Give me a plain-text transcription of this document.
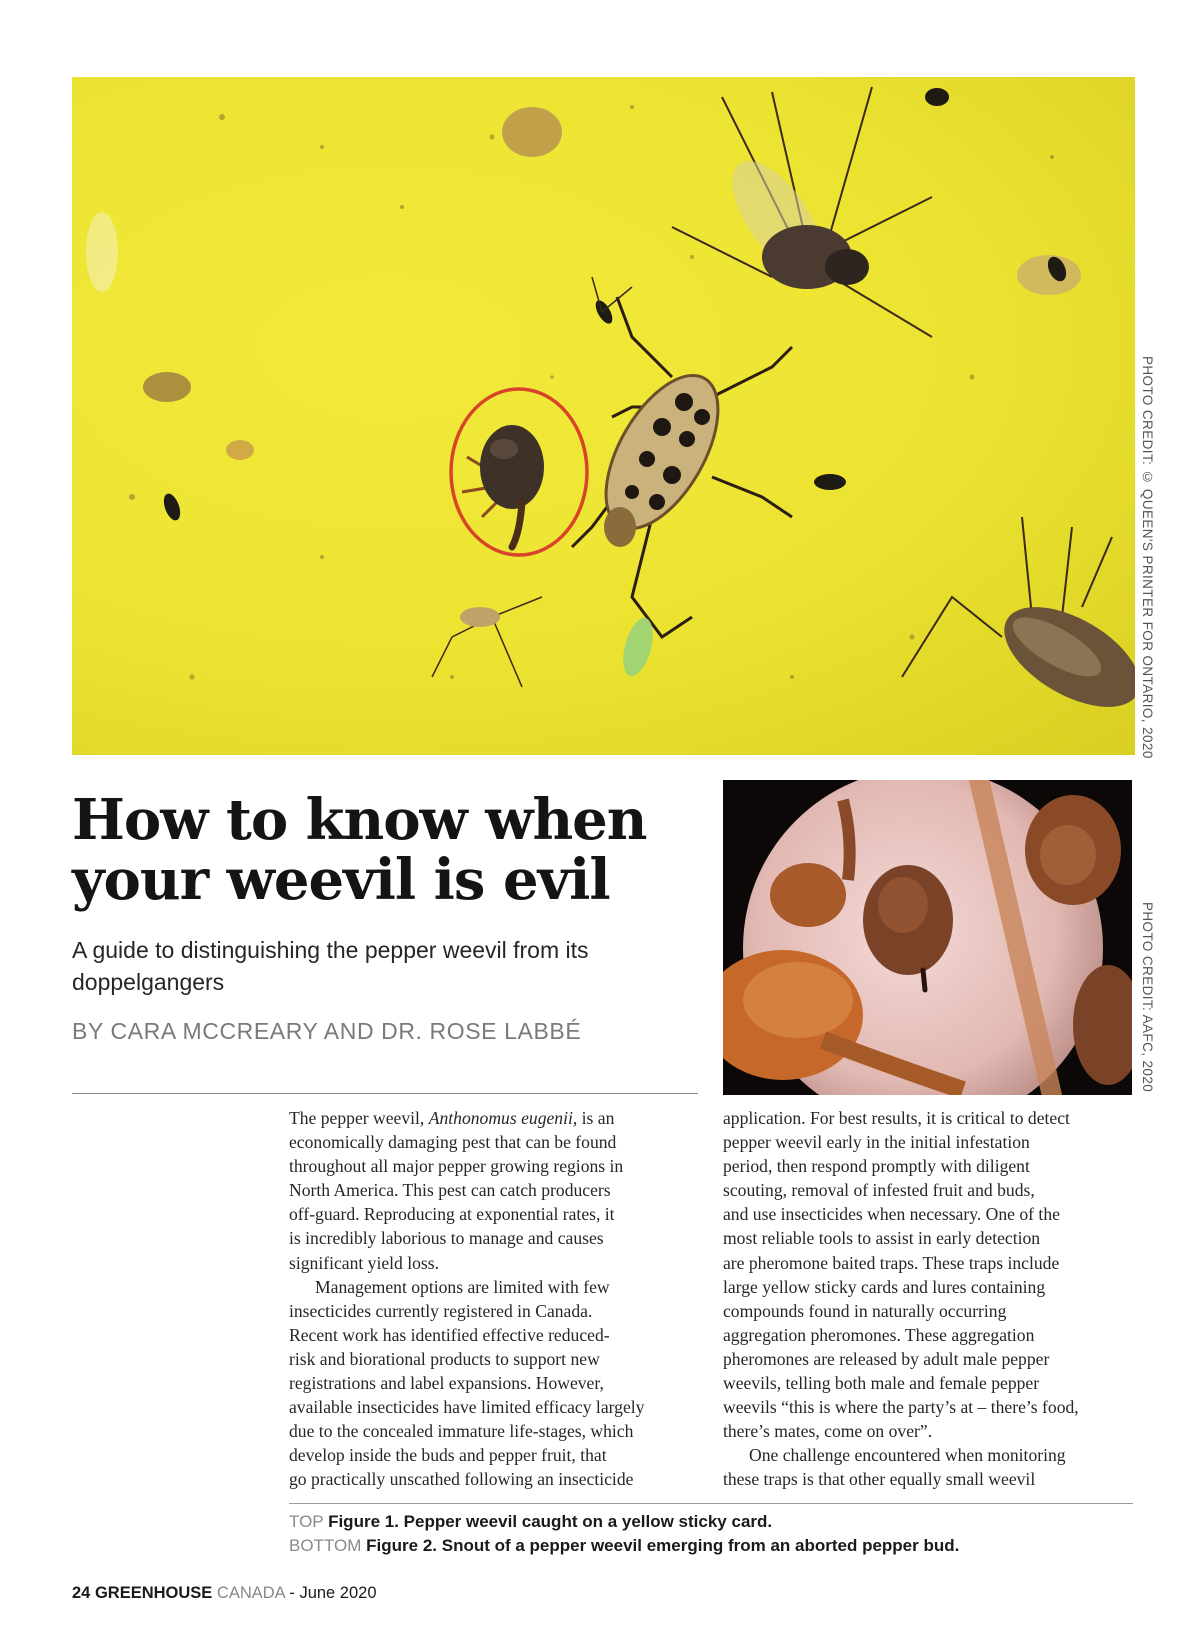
PHOTO CREDIT: © QUEEN'S PRINTER FOR ONTARIO, 2020
PHOTO CREDIT: AAFC, 2020
How to know when
your weevil is evil

A guide to distinguishing the pepper weevil from its
doppelgangers

BY CARA MCCREARY AND DR. ROSE LABBÉ

The pepper weevil, Anthonomus eugenii, is an
economically damaging pest that can be found
throughout all major pepper growing regions in
North America. This pest can catch producers
off-guard. Reproducing at exponential rates, it
is incredibly laborious to manage and causes
significant yield loss.
Management options are limited with few
insecticides currently registered in Canada.
Recent work has identified effective reduced-
risk and biorational products to support new
registrations and label expansions. However,
available insecticides have limited efficacy largely
due to the concealed immature life-stages, which
develop inside the buds and pepper fruit, that
go practically unscathed following an insecticide
application. For best results, it is critical to detect
pepper weevil early in the initial infestation
period, then respond promptly with diligent
scouting, removal of infested fruit and buds,
and use insecticides when necessary. One of the
most reliable tools to assist in early detection
are pheromone baited traps. These traps include
large yellow sticky cards and lures containing
compounds found in naturally occurring
aggregation pheromones. These aggregation
pheromones are released by adult male pepper
weevils, telling both male and female pepper
weevils “this is where the party’s at – there’s food,
there’s mates, come on over”.
One challenge encountered when monitoring
these traps is that other equally small weevil
TOP Figure 1. Pepper weevil caught on a yellow sticky card.
BOTTOM Figure 2. Snout of a pepper weevil emerging from an aborted pepper bud.
24 GREENHOUSE CANADA - June 2020
